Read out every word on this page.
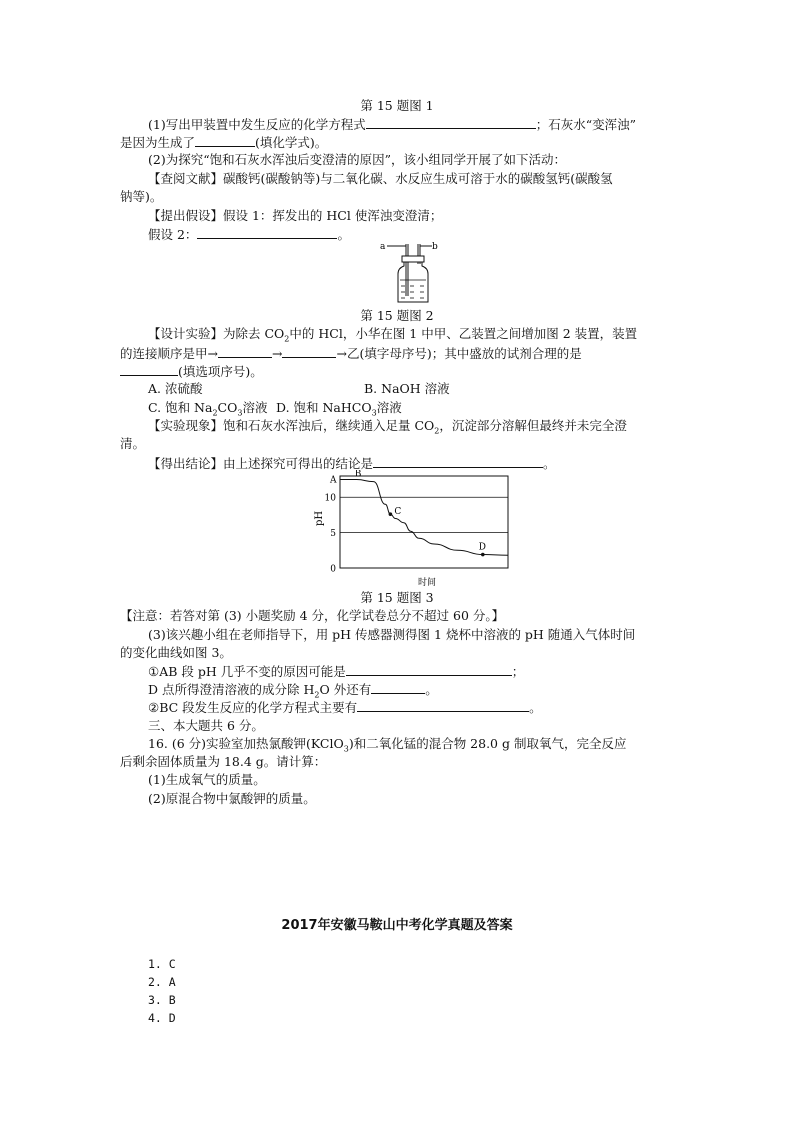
第 15 题图 1
(1)写出甲装置中发生反应的化学方程式	；石灰水“变浑浊”
是因为生成了	(填化学式)。
(2)为探究“饱和石灰水浑浊后变澄清的原因”，该小组同学开展了如下活动：
【查阅文献】碳酸钙(碳酸钠等)与二氧化碳、水反应生成可溶于水的碳酸氢钙(碳酸氢
钠等)。
【提出假设】假设 1：挥发出的 HCl 使浑浊变澄清；
假设 2：	。
a	b
第 15 题图 2
【设计实验】为除去 $CO_2$中的 HCl，小华在图 1 中甲、乙装置之间增加图 2 装置，装置
的连接顺序是甲→	→	→乙(填字母序号)；其中盛放的试剂合理的是
(填选项序号)。
A. 浓硫酸	B. NaOH 溶液
C. 饱和 $Na_2CO_3$溶液 D. 饱和 NaHCO$_3$溶液
【实验现象】饱和石灰水浑浊后，继续通入足量 $CO_2$，沉淀部分溶解但最终并未完全澄
清。
【得出结论】由上述探究可得出的结论是	。
0
5
10
A
B
C
D
pH
时间
第 15 题图 3
【注意：若答对第 (3) 小题奖励 4 分，化学试卷总分不超过 60 分。】
(3)该兴趣小组在老师指导下，用 pH 传感器测得图 1 烧杯中溶液的 pH 随通入气体时间
的变化曲线如图 3。
①AB 段 pH 几乎不变的原因可能是	；
D 点所得澄清溶液的成分除 $H_2O$ 外还有	。
②BC 段发生反应的化学方程式主要有	。
三、本大题共 6 分。
16. (6 分)实验室加热氯酸钾(KClO$_3$)和二氧化锰的混合物 28.0 g 制取氧气，完全反应
后剩余固体质量为 18.4 g。请计算：
(1)生成氧气的质量。
(2)原混合物中氯酸钾的质量。
2017年安徽马鞍山中考化学真题及答案
1. C
2. A
3. B
4. D
